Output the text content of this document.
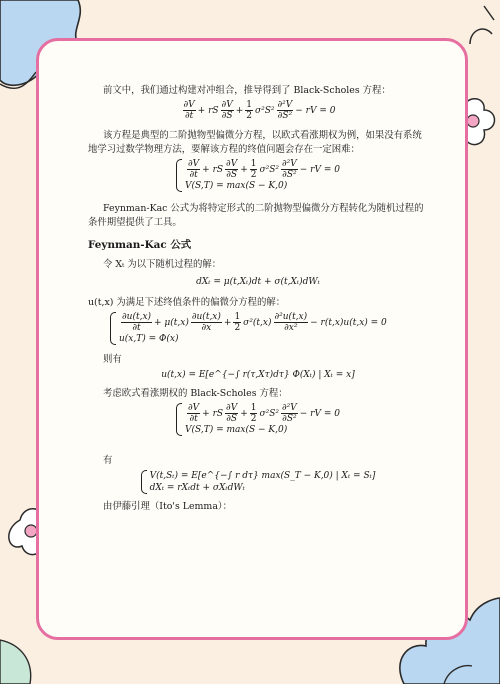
前文中，我们通过构建对冲组合，推导得到了 Black-Scholes 方程：

$\frac{\partial V}{\partial t}$ + rS $\frac{\partial V}{\partial S} + \frac{1}{2} \sigma^2S^2 \frac{\text{∂²V}}{\text{∂S²}}$ − rV = 0

该方程是典型的二阶抛物型偏微分方程，以欧式看涨期权为例，如果没有系统地学习过数学物理方法，要解该方程的终值问题会存在一定困难：

$\frac{\partial V}{\partial t}$ + rS $\frac{\partial V}{\partial S} + \frac{1}{2} \sigma^2S^2 \frac{\text{∂²V}}{\text{∂S²}}$ − rV = 0
V(S,T) = max(S − K,0)

Feynman-Kac 公式为将特定形式的二阶抛物型偏微分方程转化为随机过程的条件期望提供了工具。

Feynman-Kac 公式

令 Xₜ 为以下随机过程的解：

dXₜ = μ(t,Xₜ)dt + σ(t,Xₜ)dWₜ

u(t,x) 为满足下述终值条件的偏微分方程的解：

$\frac{\partial u(t,x)}{\partial t} + \mu(t,x) \frac{\partial u(t,x)}{\partial x} + \frac{1}{2} \sigma^2(t,x) \frac{\text{∂²u(t,x)}}{\text{∂x²}} - r(t,x)u(t,x) = 0$
u(x,T) = Φ(x)

则有

u(t,x) = E[e^{−∫ r(τ,Xτ)dτ} Φ(Xₜ) | Xₜ = x]

考虑欧式看涨期权的 Black-Scholes 方程：

$\frac{\partial V}{\partial t}$ + rS $\frac{\partial V}{\partial S} + \frac{1}{2} \sigma^2S^2 \frac{\text{∂²V}}{\text{∂S²}}$ − rV = 0
V(S,T) = max(S − K,0)

有

V(t,Sₜ) = E[e^{−∫ r dτ} max(S_T − K,0) | Xₜ = Sₜ]
dXₜ = rXₜdt + σXₜdWₜ

由伊藤引理（Ito's Lemma）：
